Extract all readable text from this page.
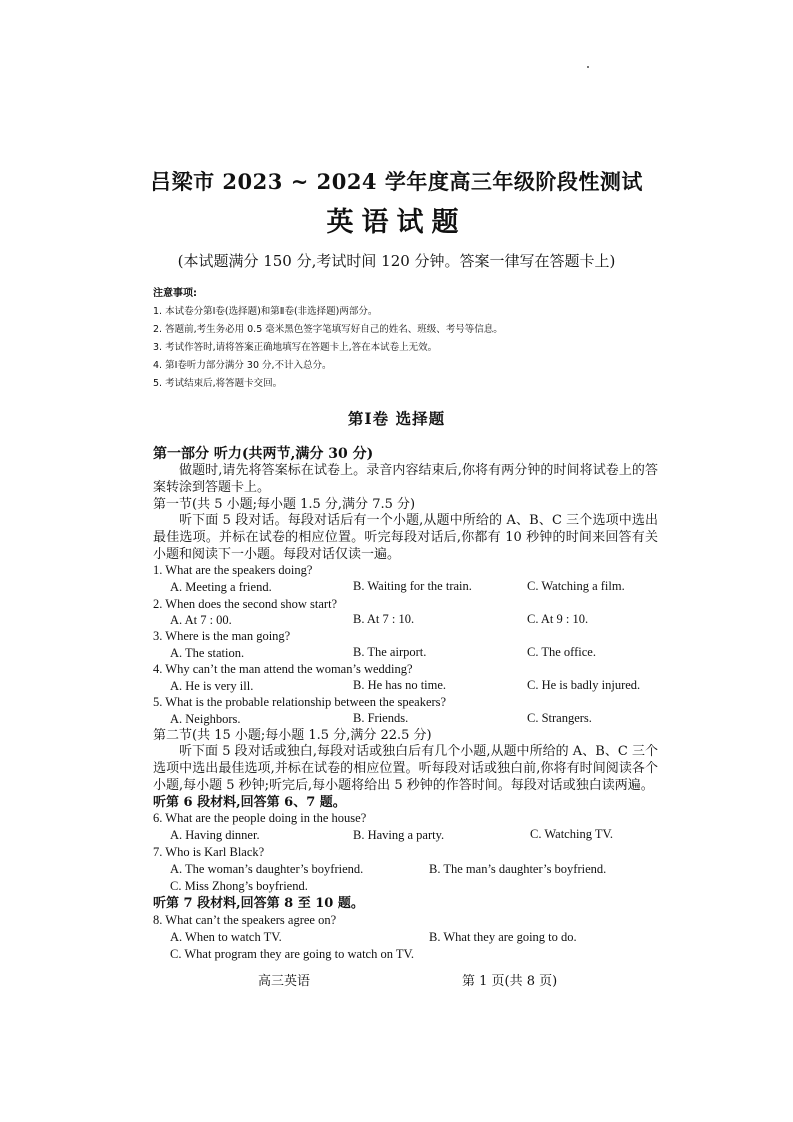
吕梁市 2023 ~ 2024 学年度高三年级阶段性测试
英语试题
(本试题满分 150 分,考试时间 120 分钟。答案一律写在答题卡上)
注意事项:
1. 本试卷分第Ⅰ卷(选择题)和第Ⅱ卷(非选择题)两部分。
2. 答题前,考生务必用 0.5 毫米黑色签字笔填写好自己的姓名、班级、考号等信息。
3. 考试作答时,请将答案正确地填写在答题卡上,答在本试卷上无效。
4. 第Ⅰ卷听力部分满分 30 分,不计入总分。
5. 考试结束后,将答题卡交回。
第Ⅰ卷 选择题
第一部分 听力(共两节,满分 30 分)
做题时,请先将答案标在试卷上。录音内容结束后,你将有两分钟的时间将试卷上的答案转涂到答题卡上。
第一节(共 5 小题;每小题 1.5 分,满分 7.5 分)
听下面 5 段对话。每段对话后有一个小题,从题中所给的 A、B、C 三个选项中选出最佳选项。并标在试卷的相应位置。听完每段对话后,你都有 10 秒钟的时间来回答有关小题和阅读下一小题。每段对话仅读一遍。
1. What are the speakers doing?
A. Meeting a friend.	B. Waiting for the train.	C. Watching a film.
2. When does the second show start?
A. At 7 : 00.	B. At 7 : 10.	C. At 9 : 10.
3. Where is the man going?
A. The station.	B. The airport.	C. The office.
4. Why can’t the man attend the woman’s wedding?
A. He is very ill.	B. He has no time.	C. He is badly injured.
5. What is the probable relationship between the speakers?
A. Neighbors.	B. Friends.	C. Strangers.
第二节(共 15 小题;每小题 1.5 分,满分 22.5 分)
听下面 5 段对话或独白,每段对话或独白后有几个小题,从题中所给的 A、B、C 三个选项中选出最佳选项,并标在试卷的相应位置。听每段对话或独白前,你将有时间阅读各个小题,每小题 5 秒钟;听完后,每小题将给出 5 秒钟的作答时间。每段对话或独白读两遍。
听第 6 段材料,回答第 6、7 题。
6. What are the people doing in the house?
A. Having dinner.	B. Having a party.	C. Watching TV.
7. Who is Karl Black?
A. The woman’s daughter’s boyfriend.	B. The man’s daughter’s boyfriend.
C. Miss Zhong’s boyfriend.
听第 7 段材料,回答第 8 至 10 题。
8. What can’t the speakers agree on?
A. When to watch TV.	B. What they are going to do.
C. What program they are going to watch on TV.
高三英语	第 1 页(共 8 页)
